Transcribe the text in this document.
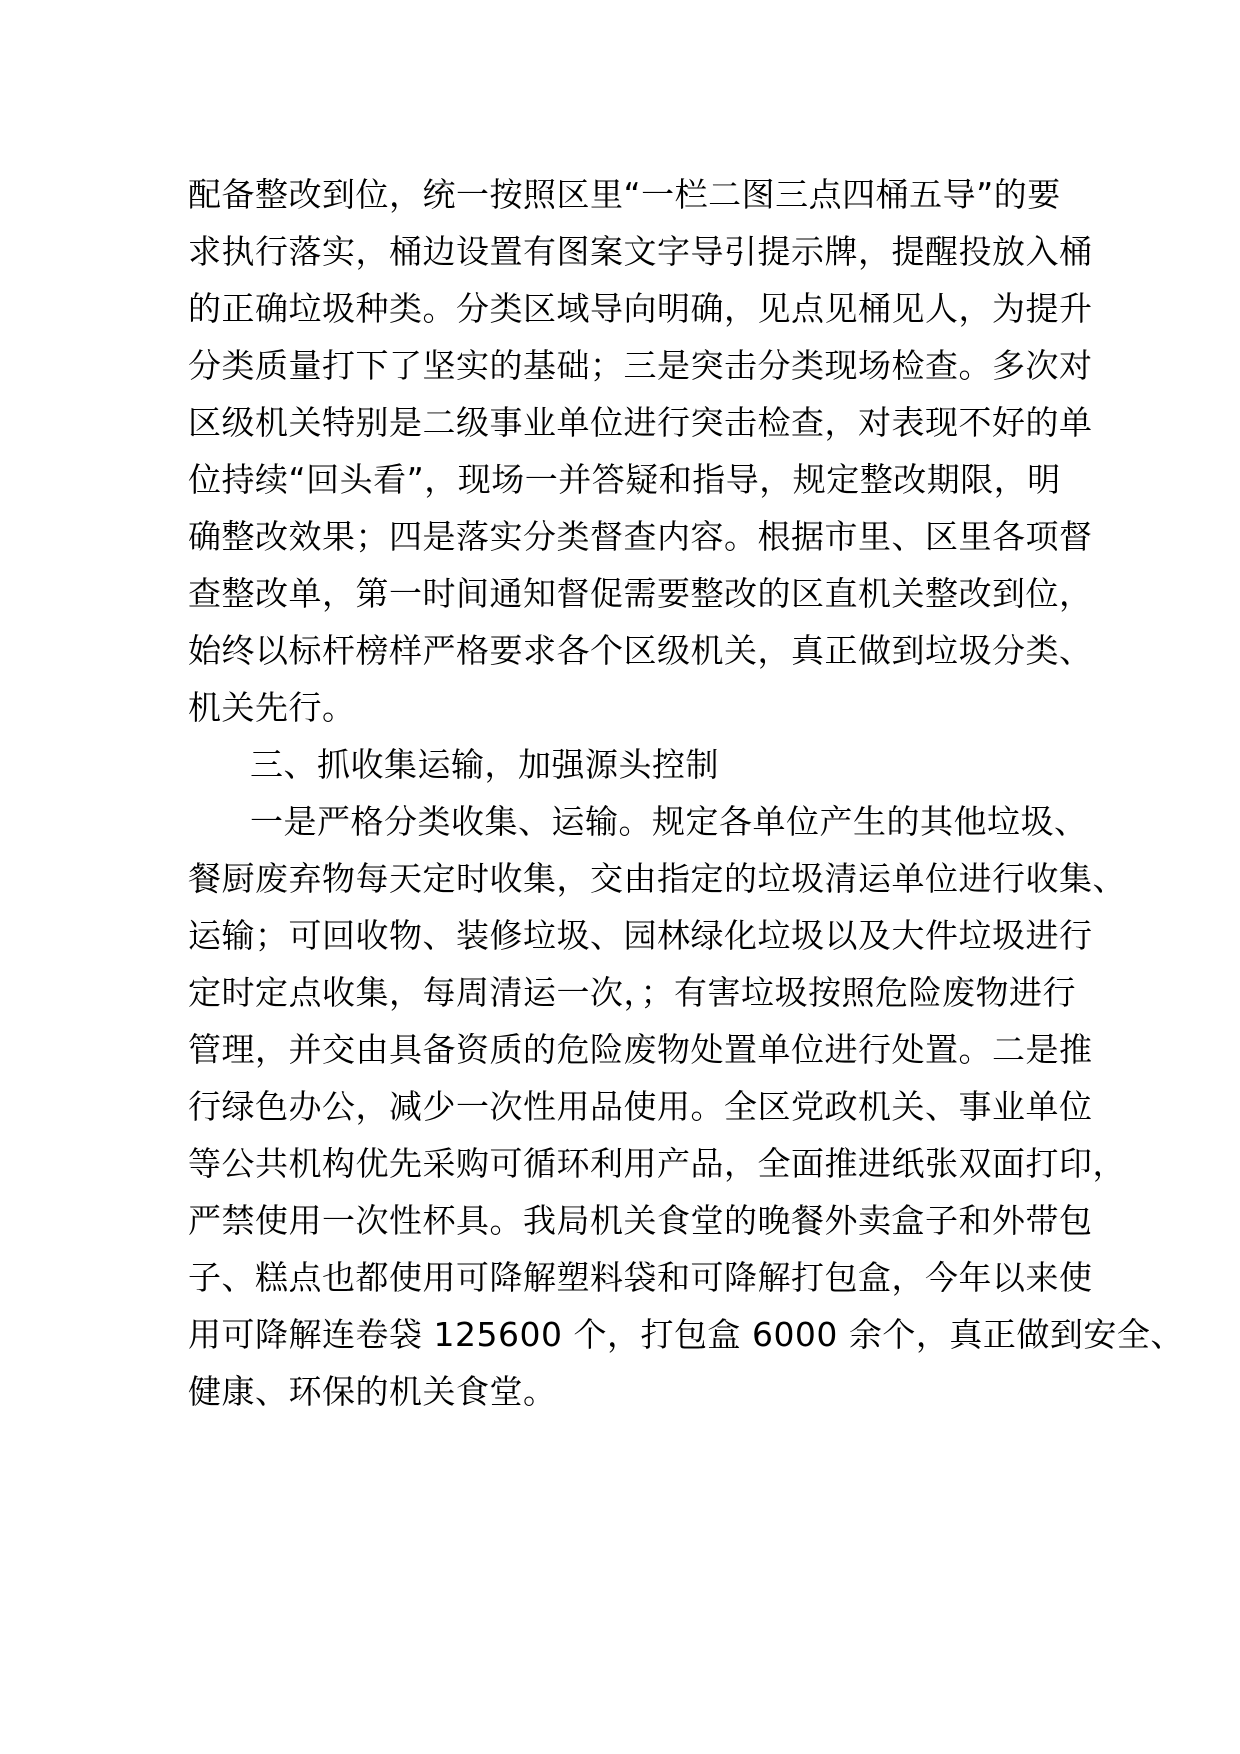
配备整改到位，统一按照区里“一栏二图三点四桶五导”的要

求执行落实，桶边设置有图案文字导引提示牌，提醒投放入桶

的正确垃圾种类。分类区域导向明确，见点见桶见人，为提升

分类质量打下了坚实的基础；三是突击分类现场检查。多次对

区级机关特别是二级事业单位进行突击检查，对表现不好的单

位持续“回头看”，现场一并答疑和指导，规定整改期限，明

确整改效果；四是落实分类督查内容。根据市里、区里各项督

查整改单，第一时间通知督促需要整改的区直机关整改到位，

始终以标杆榜样严格要求各个区级机关，真正做到垃圾分类、

机关先行。

三、抓收集运输，加强源头控制

一是严格分类收集、运输。规定各单位产生的其他垃圾、

餐厨废弃物每天定时收集，交由指定的垃圾清运单位进行收集、

运输；可回收物、装修垃圾、园林绿化垃圾以及大件垃圾进行

定时定点收集，每周清运一次，；有害垃圾按照危险废物进行

管理，并交由具备资质的危险废物处置单位进行处置。二是推

行绿色办公，减少一次性用品使用。全区党政机关、事业单位

等公共机构优先采购可循环利用产品，全面推进纸张双面打印，

严禁使用一次性杯具。我局机关食堂的晚餐外卖盒子和外带包

子、糕点也都使用可降解塑料袋和可降解打包盒，今年以来使

用可降解连卷袋 125600 个，打包盒 6000 余个，真正做到安全、

健康、环保的机关食堂。
